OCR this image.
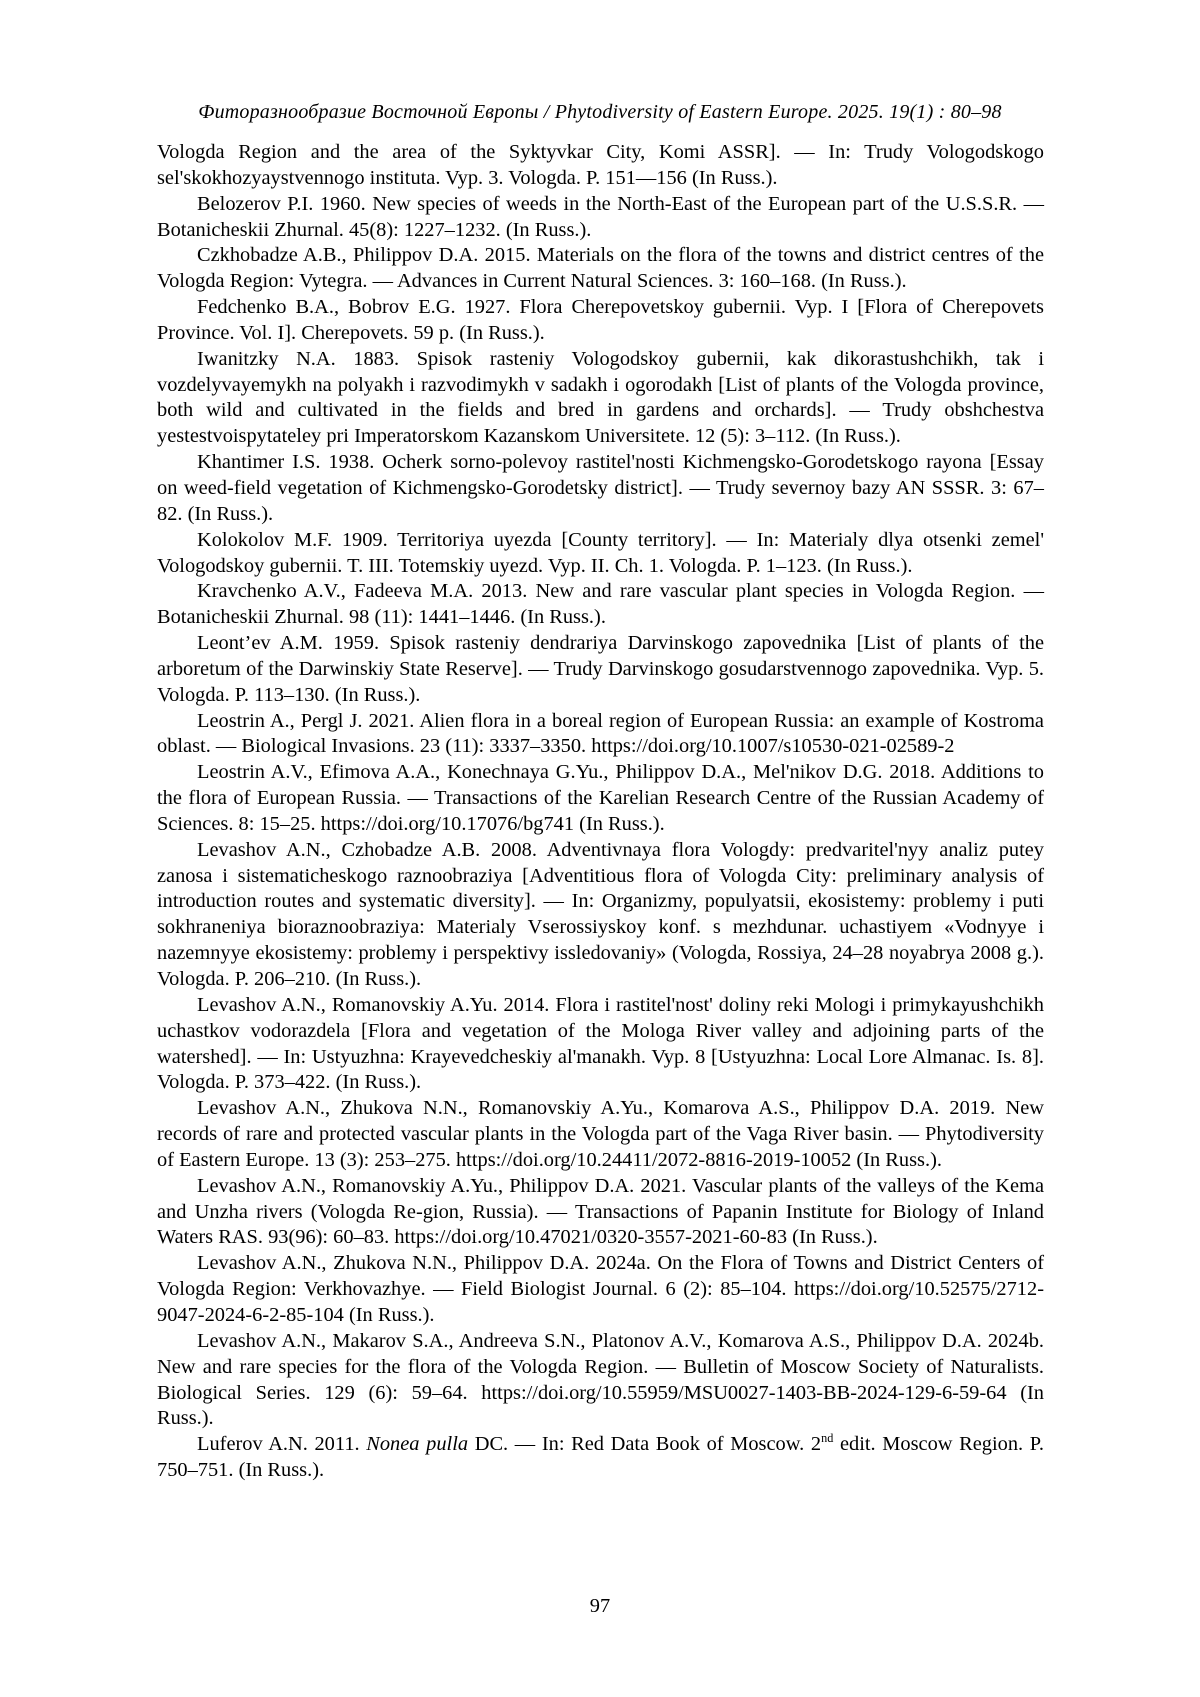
Фиторазнообразие Восточной Европы / Phytodiversity of Eastern Europe. 2025. 19(1) : 80–98

Vologda Region and the area of the Syktyvkar City, Komi ASSR]. — In: Trudy Vologodskogo sel'skokhozyaystvennogo instituta. Vyp. 3. Vologda. P. 151—156 (In Russ.).

Belozerov P.I. 1960. New species of weeds in the North-East of the European part of the U.S.S.R. — Botanicheskii Zhurnal. 45(8): 1227–1232. (In Russ.).

Czkhobadze A.B., Philippov D.A. 2015. Materials on the flora of the towns and district centres of the Vologda Region: Vytegra. — Advances in Current Natural Sciences. 3: 160–168. (In Russ.).

Fedchenko B.A., Bobrov E.G. 1927. Flora Cherepovetskoy gubernii. Vyp. I [Flora of Cherepovets Province. Vol. I]. Cherepovets. 59 p. (In Russ.).

Iwanitzky N.A. 1883. Spisok rasteniy Vologodskoy gubernii, kak dikorastushchikh, tak i vozdelyvayemykh na polyakh i razvodimykh v sadakh i ogorodakh [List of plants of the Vologda province, both wild and cultivated in the fields and bred in gardens and orchards]. — Trudy obshchestva yestestvoispytateley pri Imperatorskom Kazanskom Universitete. 12 (5): 3–112. (In Russ.).

Khantimer I.S. 1938. Ocherk sorno-polevoy rastitel'nosti Kichmengsko-Gorodetskogo rayona [Essay on weed-field vegetation of Kichmengsko-Gorodetsky district]. — Trudy severnoy bazy AN SSSR. 3: 67–82. (In Russ.).

Kolokolov M.F. 1909. Territoriya uyezda [County territory]. — In: Materialy dlya otsenki zemel' Vologodskoy gubernii. T. III. Totemskiy uyezd. Vyp. II. Ch. 1. Vologda. P. 1–123. (In Russ.).

Kravchenko A.V., Fadeeva M.A. 2013. New and rare vascular plant species in Vologda Region. — Botanicheskii Zhurnal. 98 (11): 1441–1446. (In Russ.).

Leont’ev A.M. 1959. Spisok rasteniy dendrariya Darvinskogo zapovednika [List of plants of the arboretum of the Darwinskiy State Reserve]. — Trudy Darvinskogo gosudarstvennogo zapovednika. Vyp. 5. Vologda. P. 113–130. (In Russ.).

Leostrin A., Pergl J. 2021. Alien flora in a boreal region of European Russia: an example of Kostroma oblast. — Biological Invasions. 23 (11): 3337–3350. https://doi.org/10.1007/s10530-021-02589-2

Leostrin A.V., Efimova A.A., Konechnaya G.Yu., Philippov D.A., Mel'nikov D.G. 2018. Additions to the flora of European Russia. — Transactions of the Karelian Research Centre of the Russian Academy of Sciences. 8: 15–25. https://doi.org/10.17076/bg741 (In Russ.).

Levashov A.N., Czhobadze A.B. 2008. Adventivnaya flora Vologdy: predvaritel'nyy analiz putey zanosa i sistematicheskogo raznoobraziya [Adventitious flora of Vologda City: preliminary analysis of introduction routes and systematic diversity]. — In: Organizmy, populyatsii, ekosistemy: problemy i puti sokhraneniya bioraznoobraziya: Materialy Vserossiyskoy konf. s mezhdunar. uchastiyem «Vodnyye i nazemnyye ekosistemy: problemy i perspektivy issledovaniy» (Vologda, Rossiya, 24–28 noyabrya 2008 g.). Vologda. P. 206–210. (In Russ.).

Levashov A.N., Romanovskiy A.Yu. 2014. Flora i rastitel'nost' doliny reki Mologi i primykayushchikh uchastkov vodorazdela [Flora and vegetation of the Mologa River valley and adjoining parts of the watershed]. — In: Ustyuzhna: Krayevedcheskiy al'manakh. Vyp. 8 [Ustyuzhna: Local Lore Almanac. Is. 8]. Vologda. P. 373–422. (In Russ.).

Levashov A.N., Zhukova N.N., Romanovskiy A.Yu., Komarova A.S., Philippov D.A. 2019. New records of rare and protected vascular plants in the Vologda part of the Vaga River basin. — Phytodiversity of Eastern Europe. 13 (3): 253–275. https://doi.org/10.24411/2072-8816-2019-10052 (In Russ.).

Levashov A.N., Romanovskiy A.Yu., Philippov D.A. 2021. Vascular plants of the valleys of the Kema and Unzha rivers (Vologda Re-gion, Russia). — Transactions of Papanin Institute for Biology of Inland Waters RAS. 93(96): 60–83. https://doi.org/10.47021/0320-3557-2021-60-83 (In Russ.).

Levashov A.N., Zhukova N.N., Philippov D.A. 2024a. On the Flora of Towns and District Centers of Vologda Region: Verkhovazhye. — Field Biologist Journal. 6 (2): 85–104. https://doi.org/10.52575/2712-9047-2024-6-2-85-104 (In Russ.).

Levashov A.N., Makarov S.A., Andreeva S.N., Platonov A.V., Komarova A.S., Philippov D.A. 2024b. New and rare species for the flora of the Vologda Region. — Bulletin of Moscow Society of Naturalists. Biological Series. 129 (6): 59–64. https://doi.org/10.55959/MSU0027-1403-BB-2024-129-6-59-64 (In Russ.).

Luferov A.N. 2011. Nonea pulla DC. — In: Red Data Book of Moscow. 2nd edit. Moscow Region. P. 750–751. (In Russ.).

97
